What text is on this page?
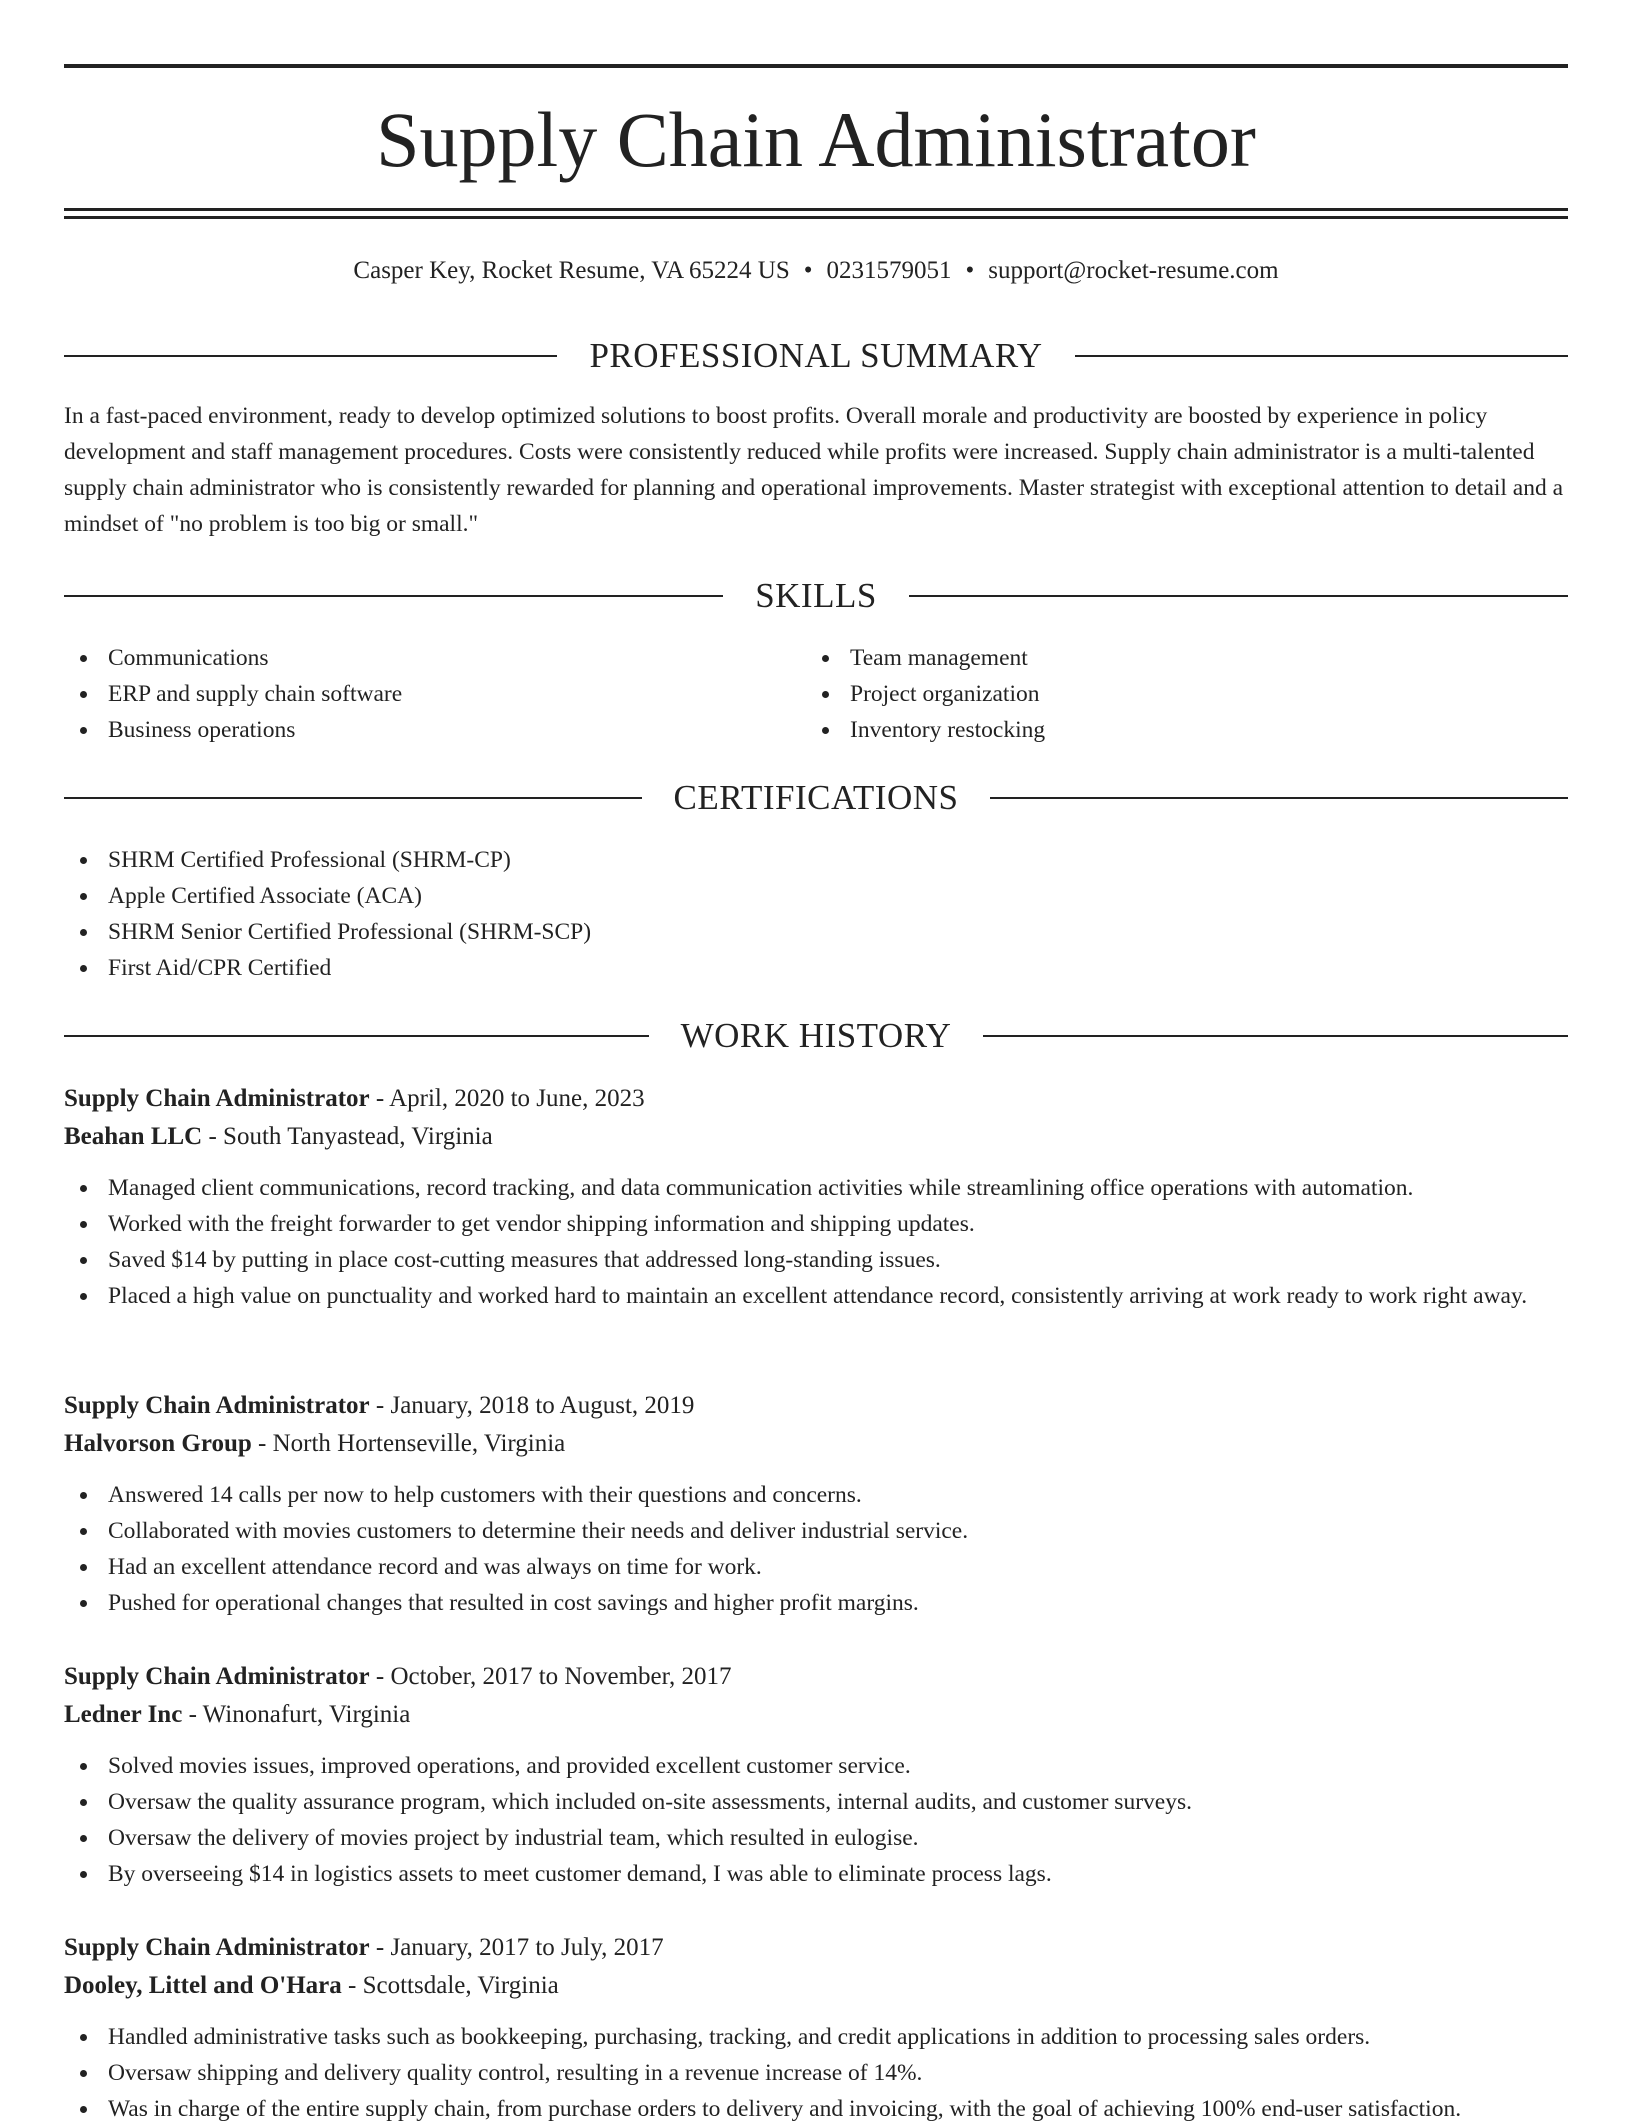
Supply Chain Administrator
Casper Key, Rocket Resume, VA 65224 US • 0231579051 • support@rocket-resume.com
PROFESSIONAL SUMMARY

In a fast-paced environment, ready to develop optimized solutions to boost profits. Overall morale and productivity are boosted by experience in policy development and staff management procedures. Costs were consistently reduced while profits were increased. Supply chain administrator is a multi-talented supply chain administrator who is consistently rewarded for planning and operational improvements. Master strategist with exceptional attention to detail and a mindset of "no problem is too big or small."

SKILLS
Communications
ERP and supply chain software
Business operations
Team management
Project organization
Inventory restocking
CERTIFICATIONS
SHRM Certified Professional (SHRM-CP)
Apple Certified Associate (ACA)
SHRM Senior Certified Professional (SHRM-SCP)
First Aid/CPR Certified
WORK HISTORY
Supply Chain Administrator - April, 2020 to June, 2023
Beahan LLC - South Tanyastead, Virginia
Managed client communications, record tracking, and data communication activities while streamlining office operations with automation.
Worked with the freight forwarder to get vendor shipping information and shipping updates.
Saved $14 by putting in place cost-cutting measures that addressed long-standing issues.
Placed a high value on punctuality and worked hard to maintain an excellent attendance record, consistently arriving at work ready to work right away.
Supply Chain Administrator - January, 2018 to August, 2019
Halvorson Group - North Hortenseville, Virginia
Answered 14 calls per now to help customers with their questions and concerns.
Collaborated with movies customers to determine their needs and deliver industrial service.
Had an excellent attendance record and was always on time for work.
Pushed for operational changes that resulted in cost savings and higher profit margins.
Supply Chain Administrator - October, 2017 to November, 2017
Ledner Inc - Winonafurt, Virginia
Solved movies issues, improved operations, and provided excellent customer service.
Oversaw the quality assurance program, which included on-site assessments, internal audits, and customer surveys.
Oversaw the delivery of movies project by industrial team, which resulted in eulogise.
By overseeing $14 in logistics assets to meet customer demand, I was able to eliminate process lags.
Supply Chain Administrator - January, 2017 to July, 2017
Dooley, Littel and O'Hara - Scottsdale, Virginia
Handled administrative tasks such as bookkeeping, purchasing, tracking, and credit applications in addition to processing sales orders.
Oversaw shipping and delivery quality control, resulting in a revenue increase of 14%.
Was in charge of the entire supply chain, from purchase orders to delivery and invoicing, with the goal of achieving 100% end-user satisfaction.
